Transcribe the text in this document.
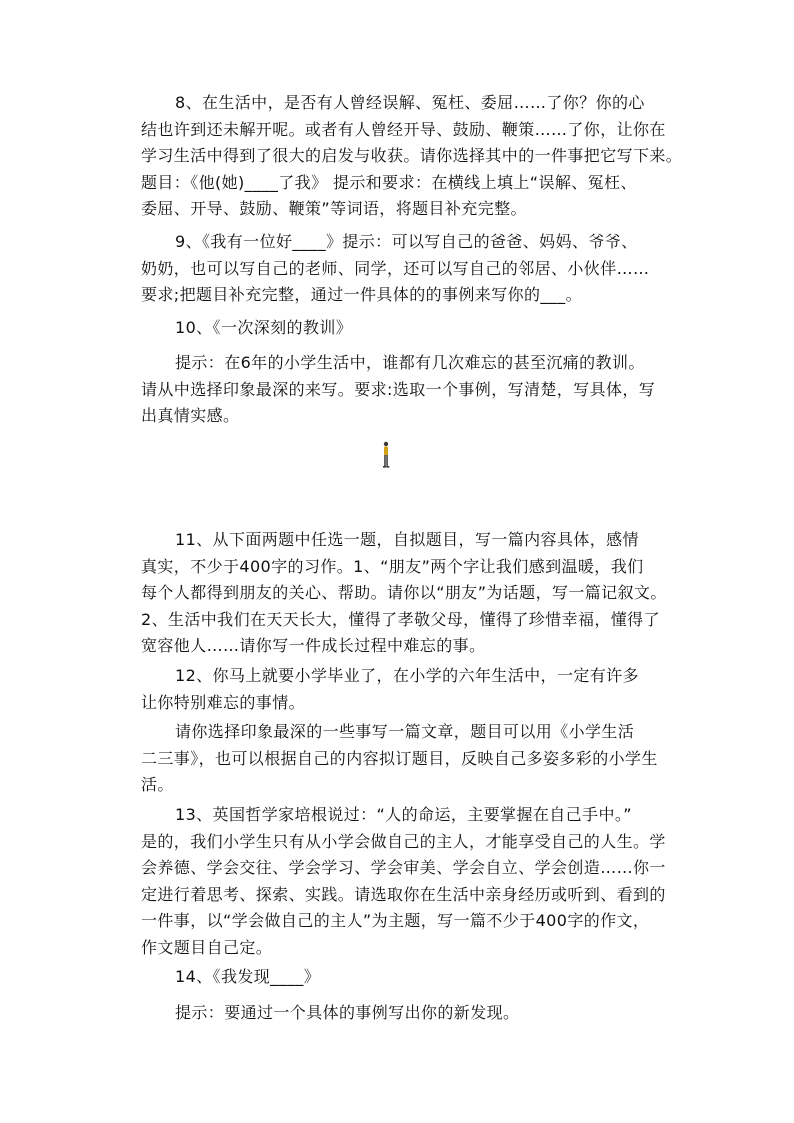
8、在生活中，是否有人曾经误解、冤枉、委屈……了你？你的心
结也许到还未解开呢。或者有人曾经开导、鼓励、鞭策……了你，让你在
学习生活中得到了很大的启发与收获。请你选择其中的一件事把它写下来。
题目：《他(她)____了我》 提示和要求：在横线上填上“误解、冤枉、
委屈、开导、鼓励、鞭策”等词语，将题目补充完整。

9、《我有一位好____》提示：可以写自己的爸爸、妈妈、爷爷、
奶奶，也可以写自己的老师、同学，还可以写自己的邻居、小伙伴……
要求;把题目补充完整，通过一件具体的的事例来写你的___。

10、《一次深刻的教训》

提示：在6年的小学生活中，谁都有几次难忘的甚至沉痛的教训。
请从中选择印象最深的来写。要求:选取一个事例，写清楚，写具体，写
出真情实感。

11、从下面两题中任选一题，自拟题目，写一篇内容具体，感情
真实，不少于400字的习作。1、“朋友”两个字让我们感到温暖，我们
每个人都得到朋友的关心、帮助。请你以“朋友”为话题，写一篇记叙文。
2、生活中我们在天天长大，懂得了孝敬父母，懂得了珍惜幸福，懂得了
宽容他人……请你写一件成长过程中难忘的事。

12、你马上就要小学毕业了，在小学的六年生活中，一定有许多
让你特别难忘的事情。

请你选择印象最深的一些事写一篇文章，题目可以用《小学生活
二三事》，也可以根据自己的内容拟订题目，反映自己多姿多彩的小学生
活。

13、英国哲学家培根说过：“人的命运，主要掌握在自己手中。”
是的，我们小学生只有从小学会做自己的主人，才能享受自己的人生。学
会养德、学会交往、学会学习、学会审美、学会自立、学会创造……你一
定进行着思考、探索、实践。请选取你在生活中亲身经历或听到、看到的
一件事，以“学会做自己的主人”为主题，写一篇不少于400字的作文，
作文题目自己定。

14、《我发现____》

提示：要通过一个具体的事例写出你的新发现。
